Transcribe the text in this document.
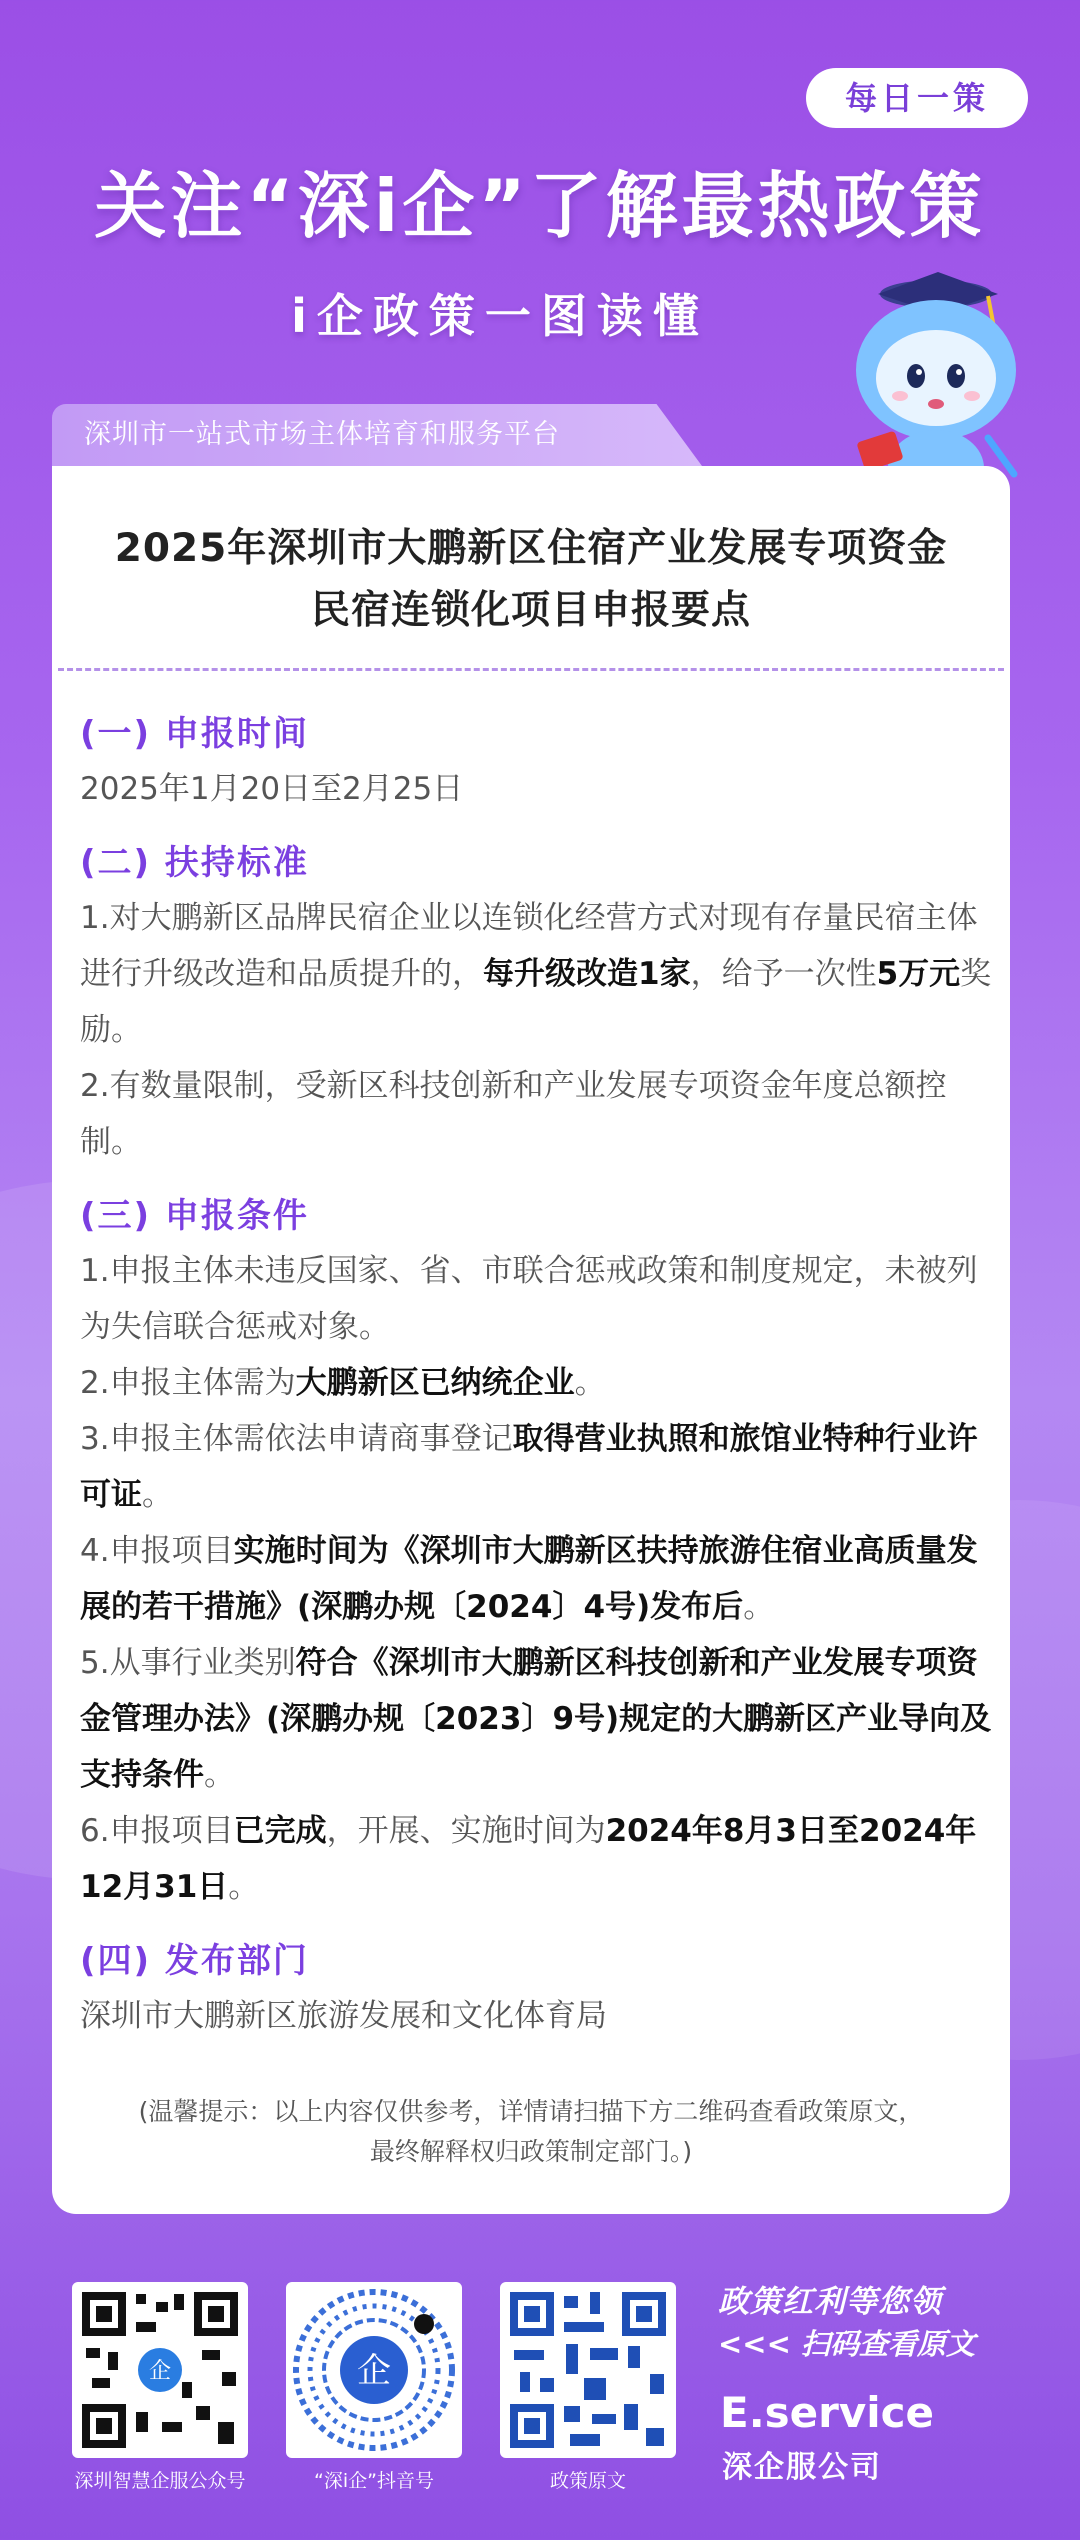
每日一策
关注“深i企”了解最热政策
i企政策一图读懂
深圳市一站式市场主体培育和服务平台
2025年深圳市大鹏新区住宿产业发展专项资金
民宿连锁化项目申报要点
(一) 申报时间

2025年1月20日至2月25日

(二) 扶持标准

1.对大鹏新区品牌民宿企业以连锁化经营方式对现有存量民宿主体进行升级改造和品质提升的，每升级改造1家，给予一次性5万元奖励。

2.有数量限制，受新区科技创新和产业发展专项资金年度总额控制。

(三) 申报条件

1.申报主体未违反国家、省、市联合惩戒政策和制度规定，未被列为失信联合惩戒对象。

2.申报主体需为大鹏新区已纳统企业。

3.申报主体需依法申请商事登记取得营业执照和旅馆业特种行业许可证。

4.申报项目实施时间为《深圳市大鹏新区扶持旅游住宿业高质量发展的若干措施》(深鹏办规〔2024〕4号)发布后。

5.从事行业类别符合《深圳市大鹏新区科技创新和产业发展专项资金管理办法》(深鹏办规〔2023〕9号)规定的大鹏新区产业导向及支持条件。

6.申报项目已完成，开展、实施时间为2024年8月3日至2024年12月31日。

(四) 发布部门

深圳市大鹏新区旅游发展和文化体育局

(温馨提示：以上内容仅供参考，详情请扫描下方二维码查看政策原文，
最终解释权归政策制定部门。)
企
深圳智慧企服公众号
企
“深i企”抖音号	政策原文
政策红利等您领
<<< 扫码查看原文
E.service
深企服公司
